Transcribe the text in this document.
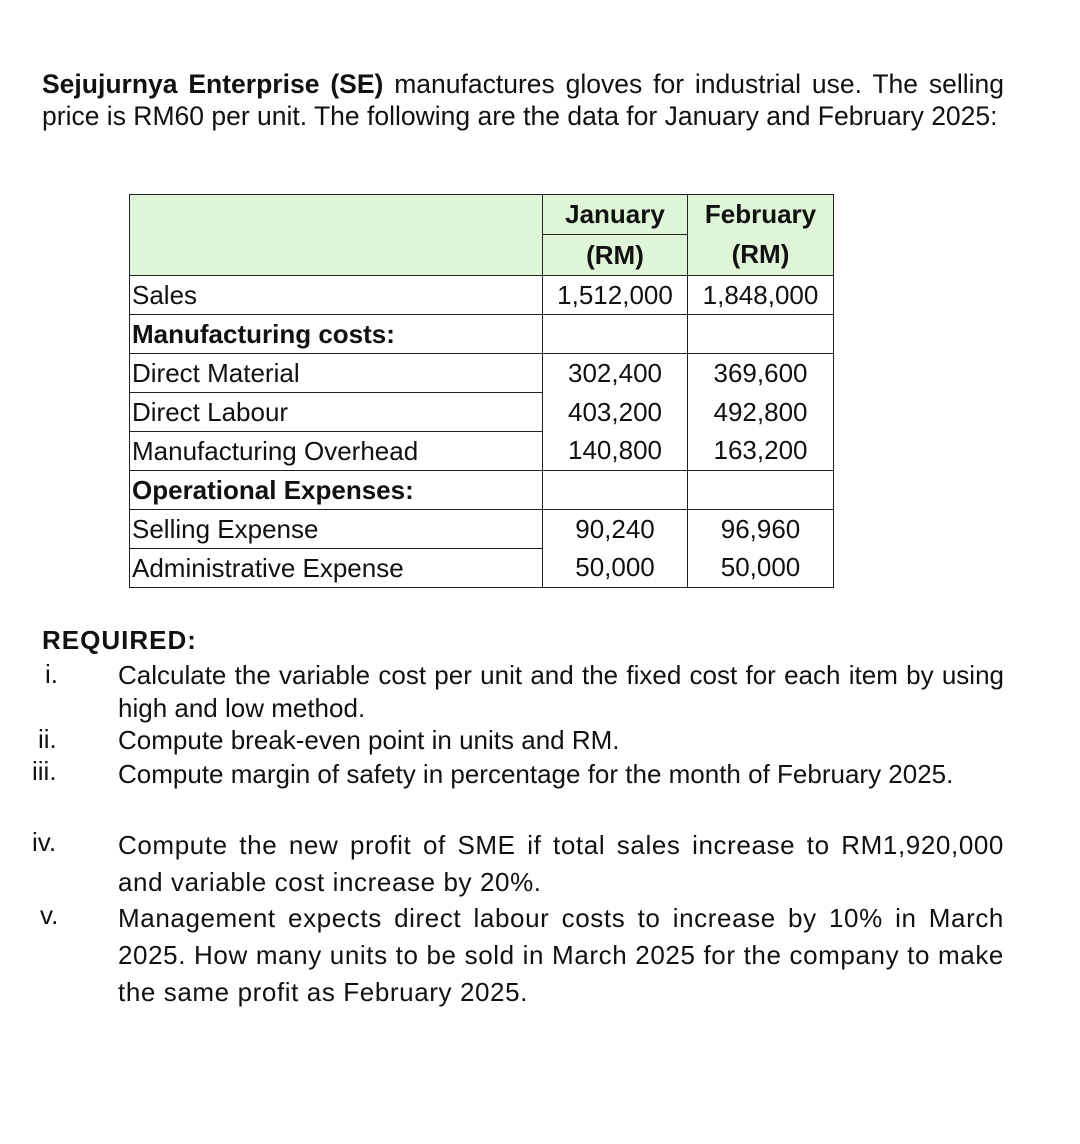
Sejujurnya Enterprise (SE) manufactures gloves for industrial use. The selling price is RM60 per unit. The following are the data for January and February 2025:
	January	February
	(RM)	(RM)
Sales	1,512,000	1,848,000
Manufacturing costs:		
Direct Material	302,400	369,600
Direct Labour	403,200	492,800
Manufacturing Overhead	140,800	163,200
Operational Expenses:		
Selling Expense	90,240	96,960
Administrative Expense	50,000	50,000
REQUIRED:
i. Calculate the variable cost per unit and the fixed cost for each item by using high and low method.
ii. Compute break-even point in units and RM.
iii. Compute margin of safety in percentage for the month of February 2025.
iv. Compute the new profit of SME if total sales increase to RM1,920,000 and variable cost increase by 20%.
v. Management expects direct labour costs to increase by 10% in March 2025. How many units to be sold in March 2025 for the company to make the same profit as February 2025.
